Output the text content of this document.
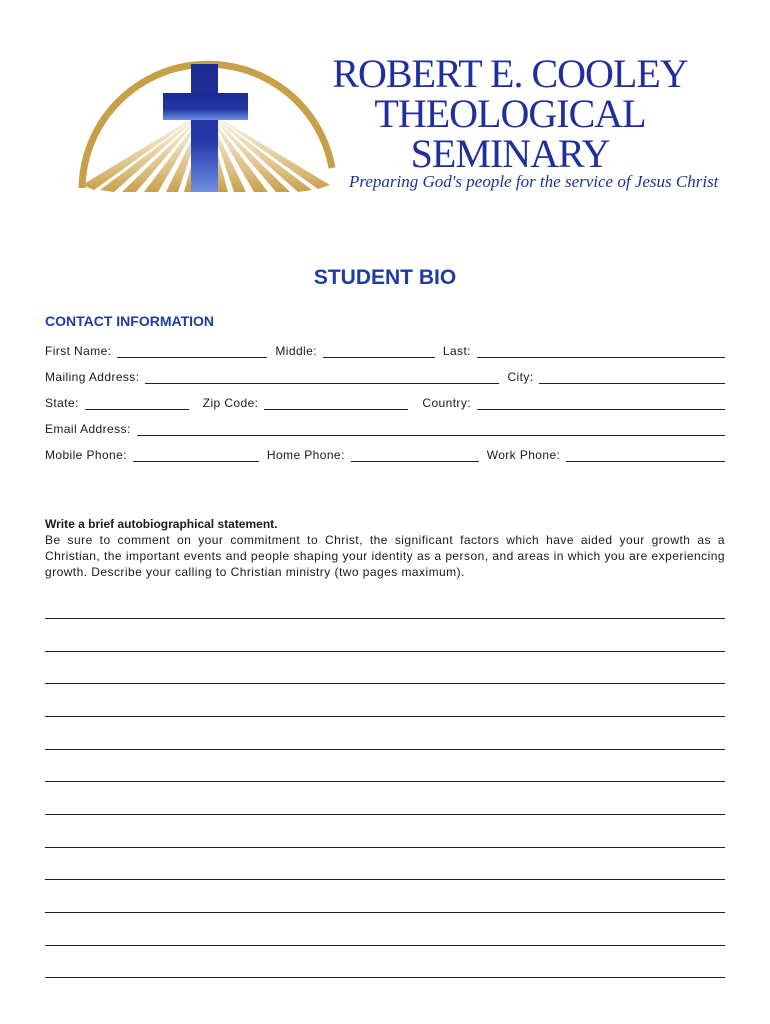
ROBERT E. COOLEY
THEOLOGICAL
SEMINARY
Preparing God's people for the service of Jesus Christ
STUDENT BIO
CONTACT INFORMATION
First Name:	Middle:	Last:
Mailing Address:	City:
State:	Zip Code:	Country:
Email Address:
Mobile Phone:	Home Phone:	Work Phone:
Write a brief autobiographical statement.
Be sure to comment on your commitment to Christ, the significant factors which have aided your growth as a Christian, the important events and people shaping your identity as a person, and areas in which you are experiencing growth. Describe your calling to Christian ministry (two pages maximum).
